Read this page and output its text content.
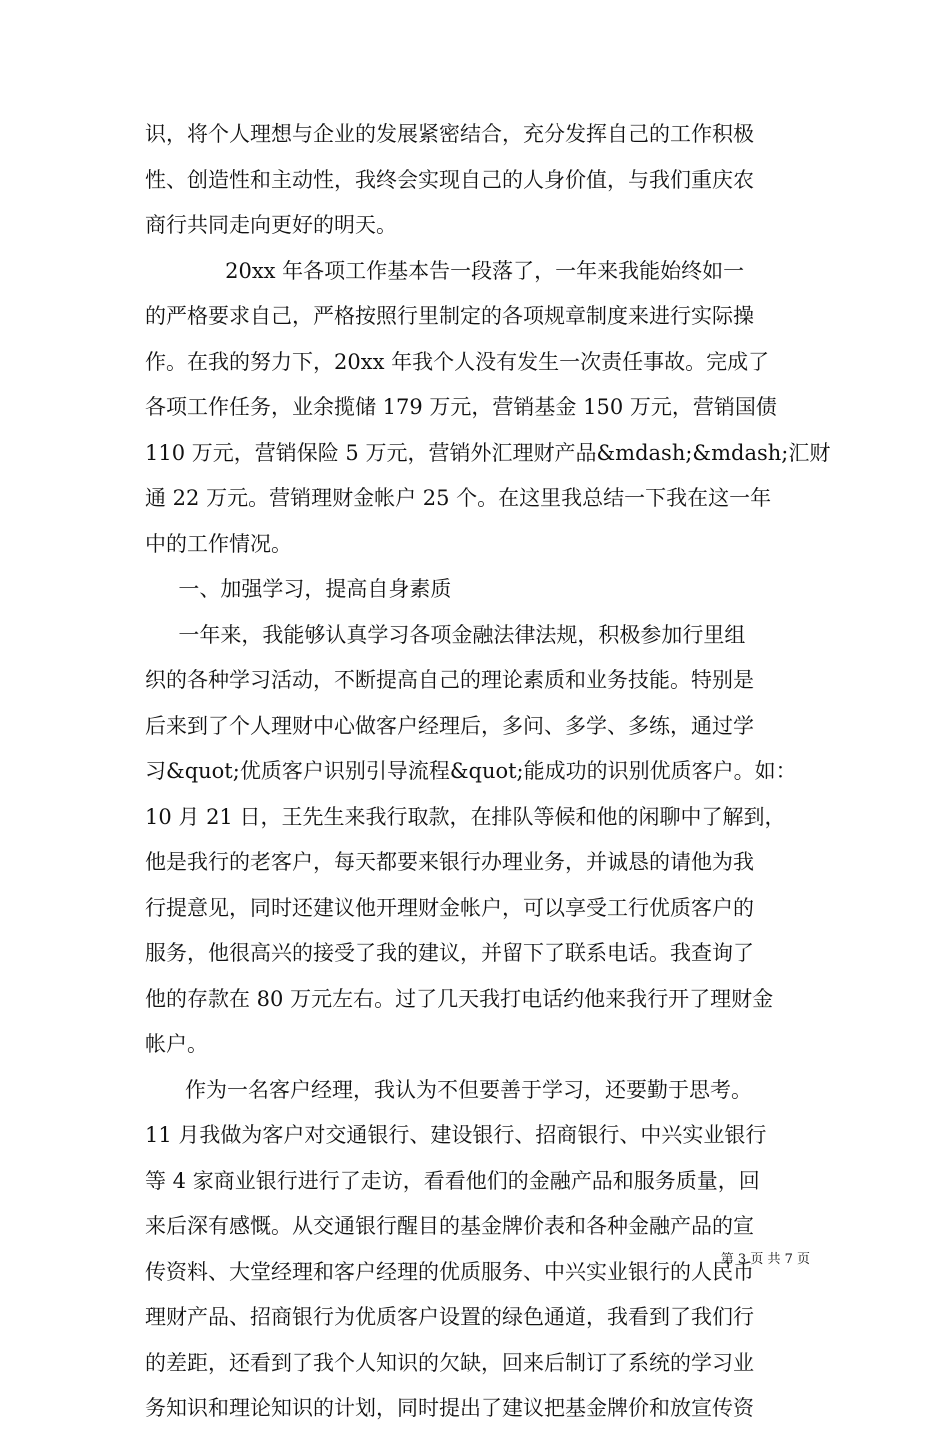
识，将个人理想与企业的发展紧密结合，充分发挥自己的工作积极
性、创造性和主动性，我终会实现自己的人身价值，与我们重庆农
商行共同走向更好的明天。
20xx 年各项工作基本告一段落了，一年来我能始终如一
的严格要求自己，严格按照行里制定的各项规章制度来进行实际操
作。在我的努力下，20xx 年我个人没有发生一次责任事故。完成了
各项工作任务，业余揽储 179 万元，营销基金 150 万元，营销国债
110 万元，营销保险 5 万元，营销外汇理财产品&mdash;&mdash;汇财
通 22 万元。营销理财金帐户 25 个。在这里我总结一下我在这一年
中的工作情况。
一、加强学习，提高自身素质
一年来，我能够认真学习各项金融法律法规，积极参加行里组
织的各种学习活动，不断提高自己的理论素质和业务技能。特别是
后来到了个人理财中心做客户经理后，多问、多学、多练，通过学
习&quot;优质客户识别引导流程&quot;能成功的识别优质客户。如：
10 月 21 日，王先生来我行取款，在排队等候和他的闲聊中了解到，
他是我行的老客户，每天都要来银行办理业务，并诚恳的请他为我
行提意见，同时还建议他开理财金帐户，可以享受工行优质客户的
服务，他很高兴的接受了我的建议，并留下了联系电话。我查询了
他的存款在 80 万元左右。过了几天我打电话约他来我行开了理财金
帐户。
作为一名客户经理，我认为不但要善于学习，还要勤于思考。
11 月我做为客户对交通银行、建设银行、招商银行、中兴实业银行
等 4 家商业银行进行了走访，看看他们的金融产品和服务质量，回
来后深有感慨。从交通银行醒目的基金牌价表和各种金融产品的宣
传资料、大堂经理和客户经理的优质服务、中兴实业银行的人民币
理财产品、招商银行为优质客户设置的绿色通道，我看到了我们行
的差距，还看到了我个人知识的欠缺，回来后制订了系统的学习业
务知识和理论知识的计划，同时提出了建议把基金牌价和放宣传资
第 3 页 共 7 页
